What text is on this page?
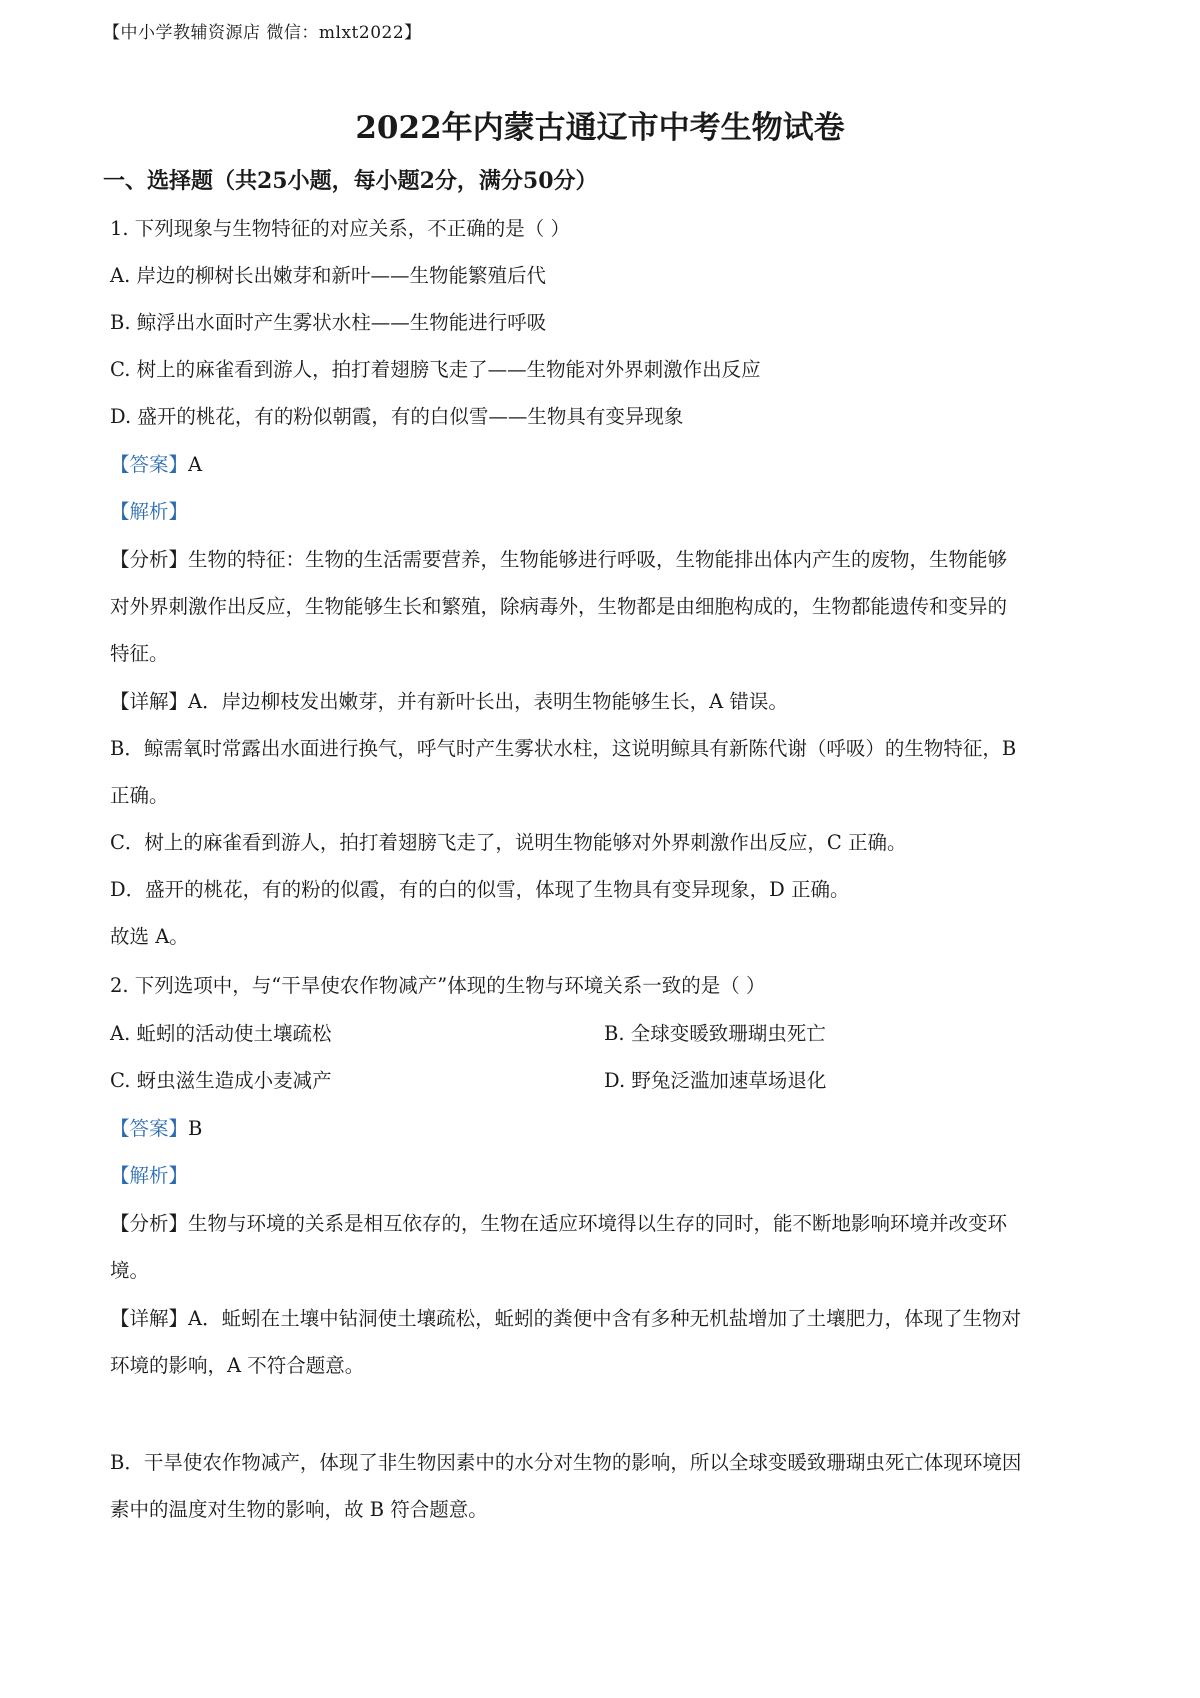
【中小学教辅资源店 微信：mlxt2022】
2022年内蒙古通辽市中考生物试卷
一、选择题（共25小题，每小题2分，满分50分）
1. 下列现象与生物特征的对应关系，不正确的是（ ）
A. 岸边的柳树长出嫩芽和新叶——生物能繁殖后代
B. 鲸浮出水面时产生雾状水柱——生物能进行呼吸
C. 树上的麻雀看到游人，拍打着翅膀飞走了——生物能对外界刺激作出反应
D. 盛开的桃花，有的粉似朝霞，有的白似雪——生物具有变异现象
【答案】A
【解析】
【分析】生物的特征：生物的生活需要营养，生物能够进行呼吸，生物能排出体内产生的废物，生物能够
对外界刺激作出反应，生物能够生长和繁殖，除病毒外，生物都是由细胞构成的，生物都能遗传和变异的
特征。
【详解】A．岸边柳枝发出嫩芽，并有新叶长出，表明生物能够生长，A 错误。
B．鲸需氧时常露出水面进行换气，呼气时产生雾状水柱，这说明鲸具有新陈代谢（呼吸）的生物特征，B
正确。
C．树上的麻雀看到游人，拍打着翅膀飞走了，说明生物能够对外界刺激作出反应，C 正确。
D．盛开的桃花，有的粉的似霞，有的白的似雪，体现了生物具有变异现象，D 正确。
故选 A。
2. 下列选项中，与“干旱使农作物减产”体现的生物与环境关系一致的是（ ）
A. 蚯蚓的活动使土壤疏松	B. 全球变暖致珊瑚虫死亡
C. 蚜虫滋生造成小麦减产	D. 野兔泛滥加速草场退化
【答案】B
【解析】
【分析】生物与环境的关系是相互依存的，生物在适应环境得以生存的同时，能不断地影响环境并改变环
境。
【详解】A．蚯蚓在土壤中钻洞使土壤疏松，蚯蚓的粪便中含有多种无机盐增加了土壤肥力，体现了生物对
环境的影响，A 不符合题意。
B．干旱使农作物减产，体现了非生物因素中的水分对生物的影响，所以全球变暖致珊瑚虫死亡体现环境因
素中的温度对生物的影响，故 B 符合题意。
